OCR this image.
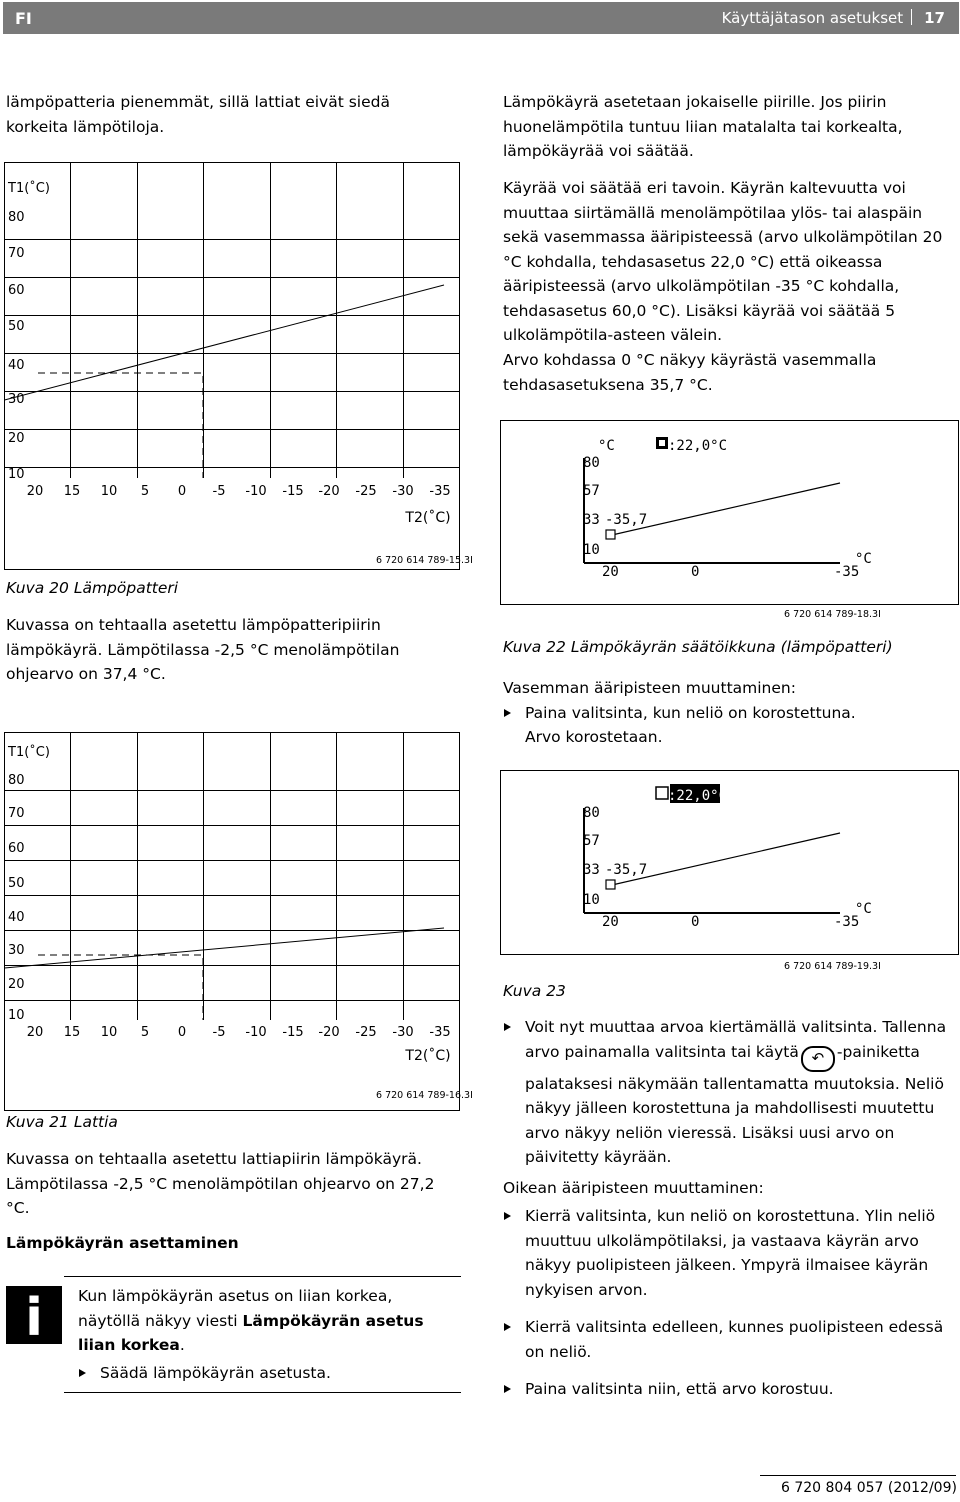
FI	Käyttäjätason asetukset 17
lämpöpatteria pienemmät, sillä lattiat eivät siedä korkeita lämpötiloja.
T1(˚C)
80
70
60
50
40
30
20
10
20 15 10 5 0 -5 -10 -15 -20 -25 -30 -35
T2(˚C)
6 720 614 789-15.3I
Kuva 20 Lämpöpatteri
Kuvassa on tehtaalla asetettu lämpöpatteripiirin lämpökäyrä. Lämpötilassa -2,5 °C menolämpötilan ohjearvo on 37,4 °C.
T1(˚C)
80
70
60
50
40
30
20
10
20 15 10 5 0 -5 -10 -15 -20 -25 -30 -35
T2(˚C)
6 720 614 789-16.3I
Kuva 21 Lattia
Kuvassa on tehtaalla asetettu lattiapiirin lämpökäyrä. Lämpötilassa -2,5 °C menolämpötilan ohjearvo on 27,2 °C.
Lämpökäyrän asettaminen
i Kun lämpökäyrän asetus on liian korkea, näytöllä näkyy viesti Lämpökäyrän asetus liian korkea.
Säädä lämpökäyrän asetusta.
Lämpökäyrä asetetaan jokaiselle piirille. Jos piirin huonelämpötila tuntuu liian matalalta tai korkealta, lämpökäyrää voi säätää.
Käyrää voi säätää eri tavoin. Käyrän kaltevuutta voi muuttaa siirtämällä menolämpötilaa ylös- tai alaspäin sekä vasemmassa ääripisteessä (arvo ulkolämpötilan 20 °C kohdalla, tehdasasetus 22,0 °C) että oikeassa ääripisteessä (arvo ulkolämpötilan -35 °C kohdalla, tehdasasetus 60,0 °C). Lisäksi käyrää voi säätää 5 ulkolämpötila-asteen välein.
Arvo kohdassa 0 °C näkyy käyrästä vasemmalla tehdasasetuksena 35,7 °C.
°C	:22,0°C
80
57
33 -35,7
10
20	0	-35
°C
6 720 614 789-18.3I
Kuva 22 Lämpökäyrän säätöikkuna (lämpöpatteri)
Vasemman ääripisteen muuttaminen:
Paina valitsinta, kun neliö on korostettuna.
Arvo korostetaan.
:22,0°C
80
57
33 -35,7
10
20	0	-35
°C
6 720 614 789-19.3I
Kuva 23
Voit nyt muuttaa arvoa kiertämällä valitsinta. Tallenna arvo painamalla valitsinta tai käytä ↶ -painiketta palataksesi näkymään tallentamatta muutoksia. Neliö näkyy jälleen korostettuna ja mahdollisesti muutettu arvo näkyy neliön vieressä. Lisäksi uusi arvo on päivitetty käyrään.
Oikean ääripisteen muuttaminen:
Kierrä valitsinta, kun neliö on korostettuna. Ylin neliö muuttuu ulkolämpötilaksi, ja vastaava käyrän arvo näkyy puolipisteen jälkeen. Ympyrä ilmaisee käyrän nykyisen arvon.
Kierrä valitsinta edelleen, kunnes puolipisteen edessä on neliö.
Paina valitsinta niin, että arvo korostuu.
6 720 804 057 (2012/09)
